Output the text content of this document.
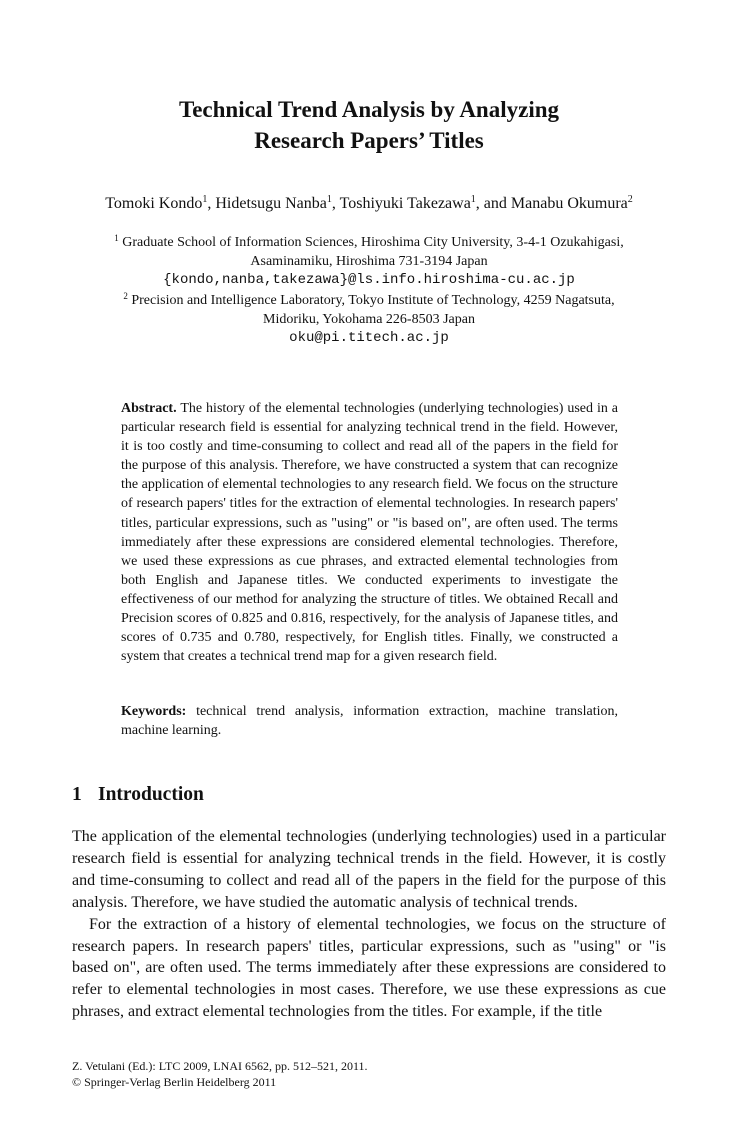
Technical Trend Analysis by Analyzing
Research Papers’ Titles
Tomoki Kondo$^1$, Hidetsugu Nanba$^1$, Toshiyuki Takezawa$^1$, and Manabu Okumura$^2$
$^1$ Graduate School of Information Sciences, Hiroshima City University, 3-4-1 Ozukahigasi,
Asaminamiku, Hiroshima 731-3194 Japan
{kondo,nanba,takezawa}@ls.info.hiroshima-cu.ac.jp
$^2$ Precision and Intelligence Laboratory, Tokyo Institute of Technology, 4259 Nagatsuta,
Midoriku, Yokohama 226-8503 Japan
oku@pi.titech.ac.jp
Abstract. The history of the elemental technologies (underlying technologies) used in a particular research field is essential for analyzing technical trend in the field. However, it is too costly and time-consuming to collect and read all of the papers in the field for the purpose of this analysis. Therefore, we have constructed a system that can recognize the application of elemental technologies to any research field. We focus on the structure of research papers' titles for the extraction of elemental technologies. In research papers' titles, particular expressions, such as "using" or "is based on", are often used. The terms immediately after these expressions are considered elemental technologies. Therefore, we used these expressions as cue phrases, and extracted elemental technologies from both English and Japanese titles. We conducted experiments to investigate the effectiveness of our method for analyzing the structure of titles. We obtained Recall and Precision scores of 0.825 and 0.816, respectively, for the analysis of Japanese titles, and scores of 0.735 and 0.780, respectively, for English titles. Finally, we constructed a system that creates a technical trend map for a given research field.
Keywords: technical trend analysis, information extraction, machine translation, machine learning.
1 Introduction

The application of the elemental technologies (underlying technologies) used in a particular research field is essential for analyzing technical trends in the field. However, it is costly and time-consuming to collect and read all of the papers in the field for the purpose of this analysis. Therefore, we have studied the automatic analysis of technical trends.

For the extraction of a history of elemental technologies, we focus on the structure of research papers. In research papers' titles, particular expressions, such as "using" or "is based on", are often used. The terms immediately after these expressions are considered to refer to elemental technologies in most cases. Therefore, we use these expressions as cue phrases, and extract elemental technologies from the titles. For example, if the title

Z. Vetulani (Ed.): LTC 2009, LNAI 6562, pp. 512–521, 2011.
© Springer-Verlag Berlin Heidelberg 2011
